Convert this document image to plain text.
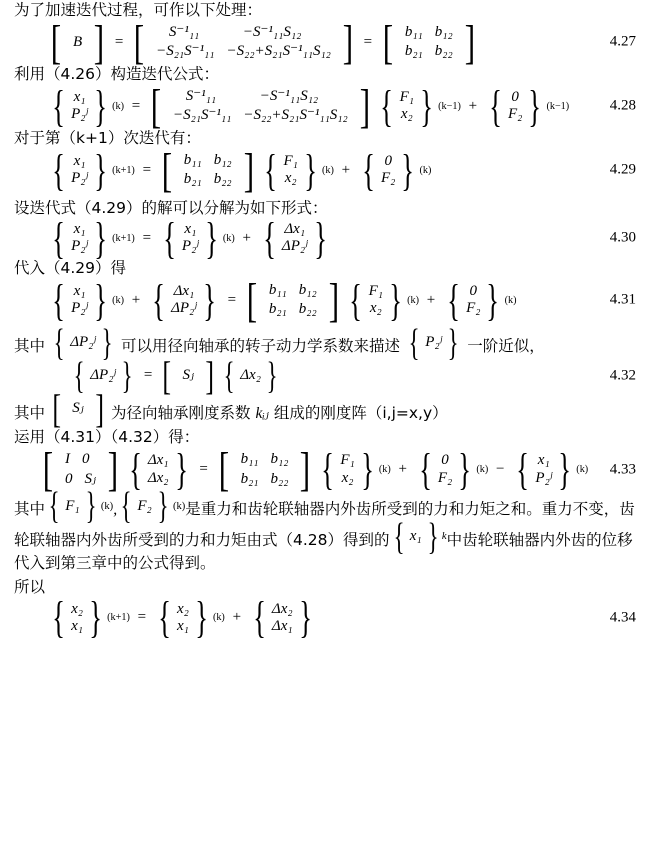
为了加速迭代过程，可作以下处理：
[ B ] = [	S⁻¹₁₁	−S⁻¹₁₁S₁₂
−S₂₁S⁻¹₁₁ −S₂₂+S₂₁S⁻¹₁₁S₁₂ ] = [ b₁₁ b₁₂
b₂₁ b₂₂ ]	4.27
利用（4.26）构造迭代公式：
{ x₁
P₂ʲ } (k) = [	S⁻¹₁₁	−S⁻¹₁₁S₁₂
−S₂₁S⁻¹₁₁ −S₂₂+S₂₁S⁻¹₁₁S₁₂ ]
{ F₁
x₂ } (k−1) + { 0
F₂ } (k−1)	4.28
对于第（k+1）次迭代有：
{ x₁
P₂ʲ } (k+1) = [ b₁₁ b₁₂
b₂₁ b₂₂ ]
{ F₁
x₂ } (k) + { 0
F₂ } (k)	4.29
设迭代式（4.29）的解可以分解为如下形式：
{ x₁
P₂ʲ } (k+1) = { x₁
P₂ʲ } (k) + { Δx₁
ΔP₂ʲ }	4.30
代入（4.29）得
{ x₁
P₂ʲ } (k) + { Δx₁
ΔP₂ʲ } = [ b₁₁ b₁₂
b₂₁ b₂₂ ]
{ F₁
x₂ } (k) + { 0
F₂ } (k)	4.31
其中 { ΔP₂ʲ } 可以用径向轴承的转子动力学系数来描述 { P₂ʲ } 一阶近似，
{ ΔP₂ʲ } = [ Sⱼ ]
{ Δx₂ }	4.32
其中 [ Sⱼ ] 为径向轴承刚度系数 kᵢⱼ 组成的刚度阵（i,j=x,y）
运用（4.31）（4.32）得：
[ I 0
0 Sⱼ ]
{ Δx₁
Δx₂ } = [ b₁₁ b₁₂
b₂₁ b₂₂ ]
{ F₁
x₂ } (k) + { 0
F₂ } (k) − { x₁
P₂ʲ } (k) 4.33
其中 { F₁ } (k) , { F₂ } (k) 是重力和齿轮联轴器内外齿所受到的力和力矩之和。重力不变，齿轮联轴器内外齿所受到的力和力矩由式（4.28）得到的 { x₁ } k 中齿轮联轴器内外齿的位移代入到第三章中的公式得到。
所以
{ x₂
x₁ } (k+1) = { x₂
x₁ } (k) + { Δx₂
Δx₁ }	4.34
